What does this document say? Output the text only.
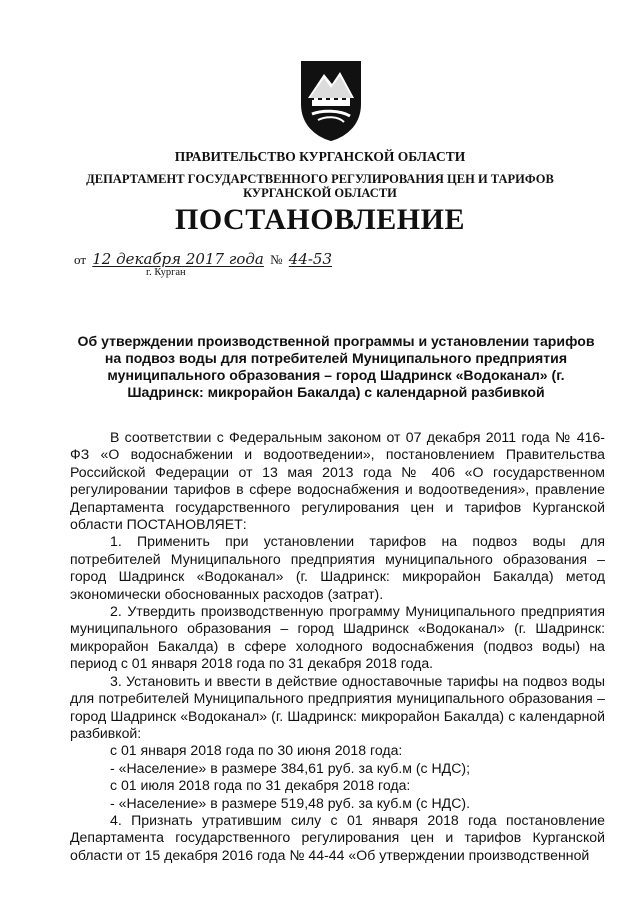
ПРАВИТЕЛЬСТВО КУРГАНСКОЙ ОБЛАСТИ

ДЕПАРТАМЕНТ ГОСУДАРСТВЕННОГО РЕГУЛИРОВАНИЯ ЦЕН И ТАРИФОВ
КУРГАНСКОЙ ОБЛАСТИ

ПОСТАНОВЛЕНИЕ

от 12 декабря 2017 года № 44-53
г. Курган

Об утверждении производственной программы и установлении тарифов на подвоз воды для потребителей Муниципального предприятия муниципального образования – город Шадринск «Водоканал» (г. Шадринск: микрорайон Бакалда) с календарной разбивкой

В соответствии с Федеральным законом от 07 декабря 2011 года № 416-ФЗ «О водоснабжении и водоотведении», постановлением Правительства Российской Федерации от 13 мая 2013 года № 406 «О государственном регулировании тарифов в сфере водоснабжения и водоотведения», правление Департамента государственного регулирования цен и тарифов Курганской области ПОСТАНОВЛЯЕТ:

1. Применить при установлении тарифов на подвоз воды для потребителей Муниципального предприятия муниципального образования – город Шадринск «Водоканал» (г. Шадринск: микрорайон Бакалда) метод экономически обоснованных расходов (затрат).

2. Утвердить производственную программу Муниципального предприятия муниципального образования – город Шадринск «Водоканал» (г. Шадринск: микрорайон Бакалда) в сфере холодного водоснабжения (подвоз воды) на период с 01 января 2018 года по 31 декабря 2018 года.

3. Установить и ввести в действие одноставочные тарифы на подвоз воды для потребителей Муниципального предприятия муниципального образования – город Шадринск «Водоканал» (г. Шадринск: микрорайон Бакалда) с календарной разбивкой:

с 01 января 2018 года по 30 июня 2018 года:

- «Население» в размере 384,61 руб. за куб.м (с НДС);

с 01 июля 2018 года по 31 декабря 2018 года:

- «Население» в размере 519,48 руб. за куб.м (с НДС).

4. Признать утратившим силу с 01 января 2018 года постановление Департамента государственного регулирования цен и тарифов Курганской области от 15 декабря 2016 года № 44-44 «Об утверждении производственной
